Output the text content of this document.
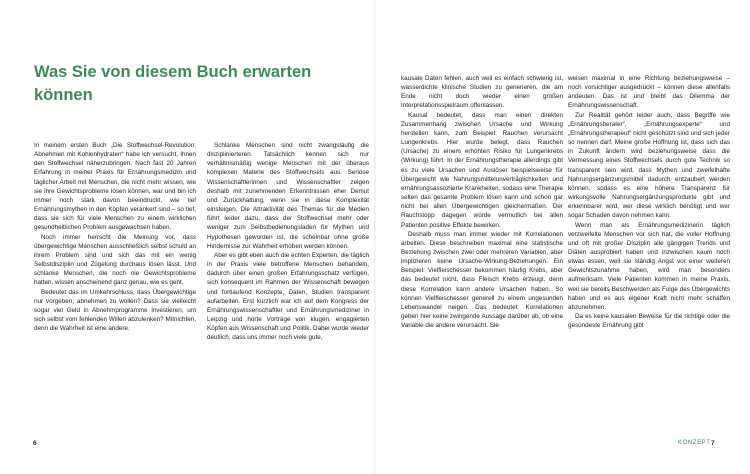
Was Sie von diesem Buch erwarten können

In meinem ersten Buch „Die Stoffwechsel-Revolution: Abnehmen mit Kohlenhydraten“ habe ich versucht, Ihnen den Stoffwechsel näherzubringen. Nach fast 20 Jahren Erfahrung in meiner Praxis für Ernährungsmedizin und täglicher Arbeit mit Menschen, die nicht mehr wissen, wie sie ihre Gewichtsprobleme lösen können, war und bin ich immer noch stark davon beeindruckt, wie tief Ernährungsmythen in den Köpfen verankert sind – so tief, dass sie sich für viele Menschen zu einem wirklichen gesundheitlichen Problem ausgewachsen haben.

Noch immer herrscht die Meinung vor, dass übergewichtige Menschen ausschließlich selbst schuld an ihrem Problem sind und sich das mit ein wenig Selbstdisziplin und Zügelung durchaus lösen lässt. Und schlanke Menschen, die noch nie Gewichtsprobleme hatten, wissen anscheinend ganz genau, wie es geht.

Bedeutet das im Umkehrschluss, dass Übergewichtige nur vorgeben, abnehmen zu wollen? Dass sie vielleicht sogar viel Geld in Abnehmprogramme investieren, um sich selbst vom fehlenden Willen abzulenken? Mitnichten, denn die Wahrheit ist eine andere.

Schlanke Menschen sind nicht zwangsläufig die disziplinierteren. Tatsächlich kennen sich nur verhältnismäßig wenige Menschen mit der überaus komplexen Materie des Stoffwechsels aus. Seriöse Wissenschaftlerinnen und Wissenschaftler zeigen deshalb mit zunehmenden Erkenntnissen eher Demut und Zurückhaltung, wenn sie in diese Komplexität einsteigen. Die Attraktivität des Themas für die Medien führt leider dazu, dass der Stoffwechsel mehr oder weniger zum Selbstbedienungsladen für Mythen und Hypothesen geworden ist, die scheinbar ohne große Hindernisse zur Wahrheit erhoben werden können.

Aber es gibt eben auch die echten Experten, die täglich in der Praxis viele betroffene Menschen behandeln, dadurch über einen großen Erfahrungsschatz verfügen, sich konsequent im Rahmen der Wissenschaft bewegen und fortlaufend Konzepte, Daten, Studien transparent aufarbeiten. Erst kürzlich war ich auf dem Kongress der Ernährungswissenschaftler und Ernährungsmediziner in Leipzig und hörte Vorträge von klugen, engagierten Köpfen aus Wissenschaft und Politik. Dabei wurde wieder deutlich, dass uns immer noch viele gute,

kausale Daten fehlen, auch weil es einfach schwierig ist, wasserdichte klinische Studien zu generieren, die am Ende nicht doch wieder einen großen Interpretationsspielraum offenlassen.

Kausal bedeutet, dass man einen direkten Zusammenhang zwischen Ursache und Wirkung herstellen kann, zum Beispiel: Rauchen verursacht Lungenkrebs. Hier wurde belegt, dass Rauchen (Ursache) zu einem erhöhten Risiko für Lungenkrebs (Wirkung) führt. In der Ernährungstherapie allerdings gibt es zu viele Ursachen und Auslöser beispielsweise für Übergewicht wie Nahrungsmittelunverträglichkeiten und ernährungsassoziierte Krankheiten, sodass eine Therapie selten das gesamte Problem lösen kann und schon gar nicht bei allen Übergewichtigen gleichermaßen. Der Rauchstopp dagegen würde vermutlich bei allen Patienten positive Effekte bewirken.

Deshalb muss man immer wieder mit Korrelationen arbeiten. Diese beschreiben maximal eine statistische Beziehung zwischen zwei oder mehreren Variablen, aber implizieren keine Ursache-Wirkung-Beziehungen. Ein Beispiel: Vielfleischesser bekommen häufig Krebs, aber das bedeutet nicht, dass Fleisch Krebs erzeugt, denn diese Korrelation kann andere Ursachen haben. So können Vielfleischesser generell zu einem ungesunden Lebenswandel neigen. Das bedeutet: Korrelationen geben hier keine zwingende Aussage darüber ab, ob eine Variable die andere verursacht. Sie

weisen maximal in eine Richtung beziehungsweise – noch vorsichtiger ausgedrückt – können diese allenfalls andeuten. Das ist und bleibt das Dilemma der Ernährungswissenschaft.

Zur Realität gehört leider auch, dass Begriffe wie „Ernährungsberater“, „Ernährungsexperte“ und „Ernährungstherapeut“ nicht geschützt sind und sich jeder so nennen darf. Meine große Hoffnung ist, dass sich das in Zukunft ändern wird beziehungsweise dass die Vermessung eines Stoffwechsels durch gute Technik so transparent sein wird, dass Mythen und zweifelhafte Nahrungsergänzungsmittel dadurch entzaubert werden können, sodass es eine höhere Transparenz für wirkungsvolle Nahrungsergänzungsprodukte gibt und erkennbarer wird, wer diese wirklich benötigt und wer sogar Schaden davon nehmen kann.

Wenn man als Ernährungsmedizinerin täglich verzweifelte Menschen vor sich hat, die voller Hoffnung und oft mit großer Disziplin alle gängigen Trends und Diäten ausprobiert haben und inzwischen kaum noch etwas essen, weil sie ständig Angst vor einer weiteren Gewichtszunahme haben, wird man besonders aufmerksam. Viele Patienten kommen in meine Praxis, weil sie bereits Beschwerden als Folge des Übergewichts haben und es aus eigener Kraft nicht mehr schaffen abzunehmen.

Da es keine kausalen Beweise für die richtige oder die gesündeste Ernährung gibt

6	KONZEPT 7
